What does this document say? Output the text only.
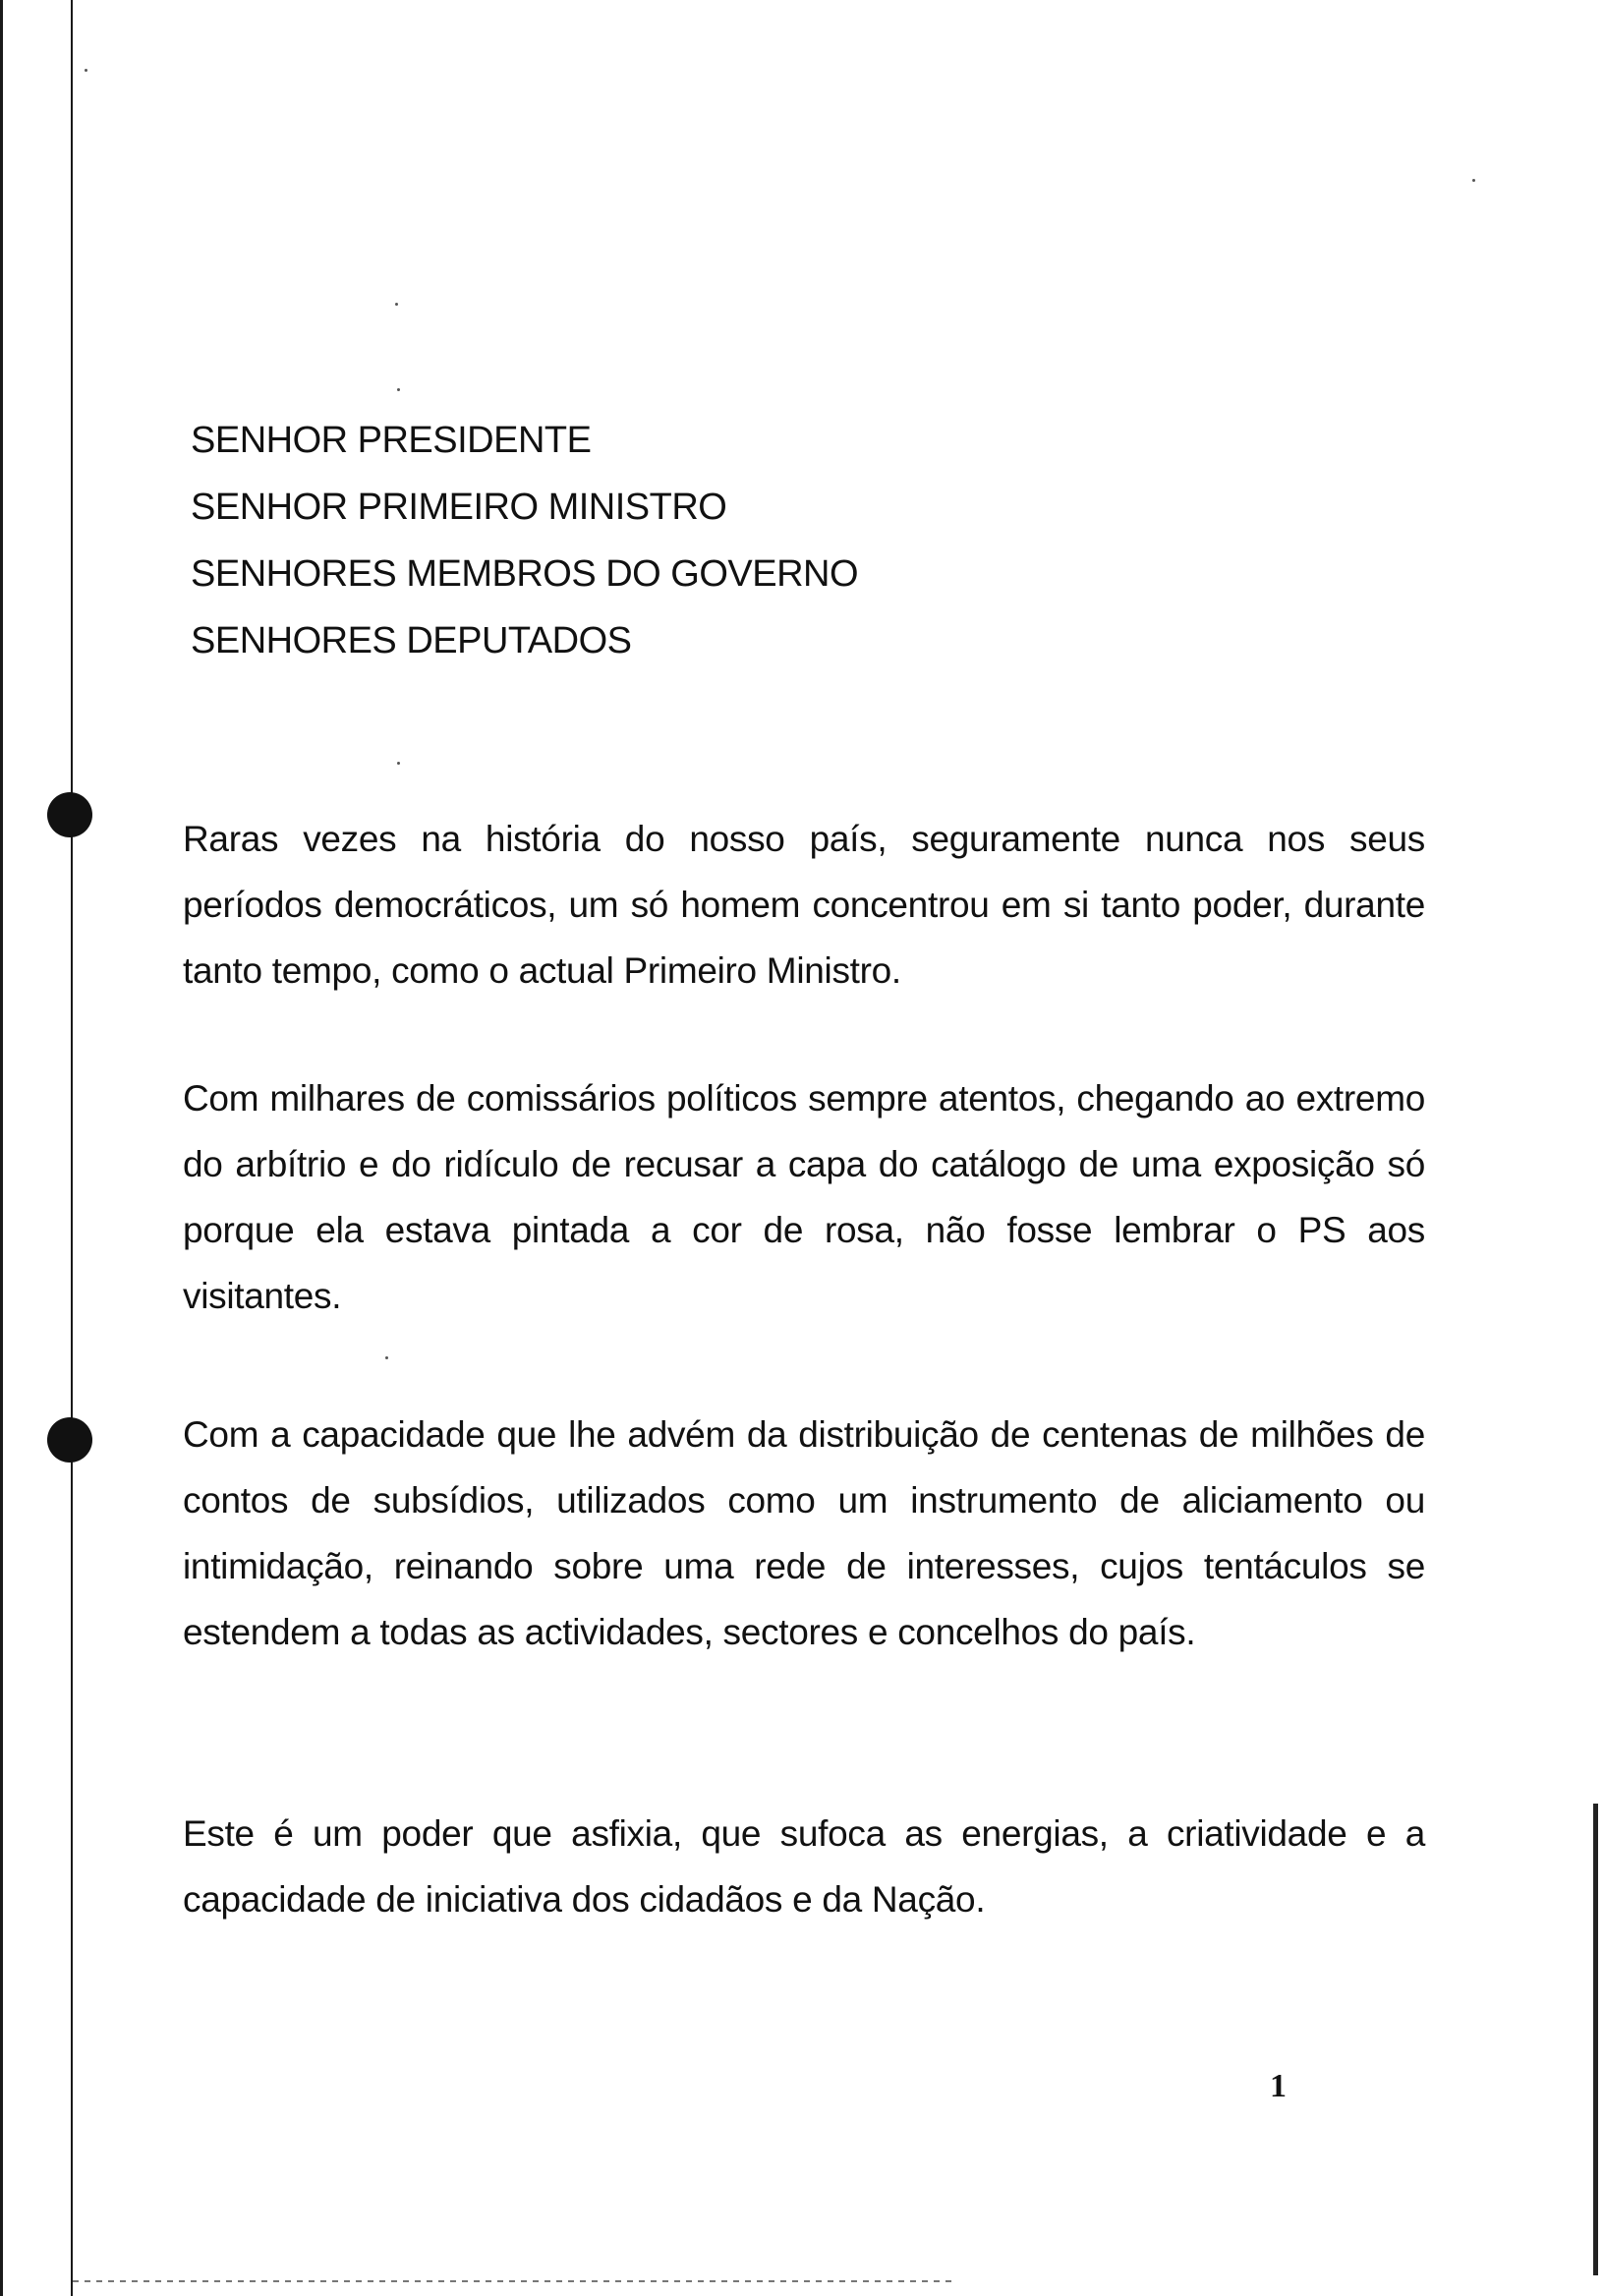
SENHOR PRESIDENTE
SENHOR PRIMEIRO MINISTRO
SENHORES MEMBROS DO GOVERNO
SENHORES DEPUTADOS

Raras vezes na história do nosso país, seguramente nunca nos seus períodos democráticos, um só homem concentrou em si tanto poder, durante tanto tempo, como o actual Primeiro Ministro.

Com milhares de comissários políticos sempre atentos, chegando ao extremo do arbítrio e do ridículo de recusar a capa do catálogo de uma exposição só porque ela estava pintada a cor de rosa, não fosse lembrar o PS aos visitantes.

Com a capacidade que lhe advém da distribuição de centenas de milhões de contos de subsídios, utilizados como um instrumento de aliciamento ou intimidação, reinando sobre uma rede de interesses, cujos tentáculos se estendem a todas as actividades, sectores e concelhos do país.

Este é um poder que asfixia, que sufoca as energias, a criatividade e a capacidade de iniciativa dos cidadãos e da Nação.

1
